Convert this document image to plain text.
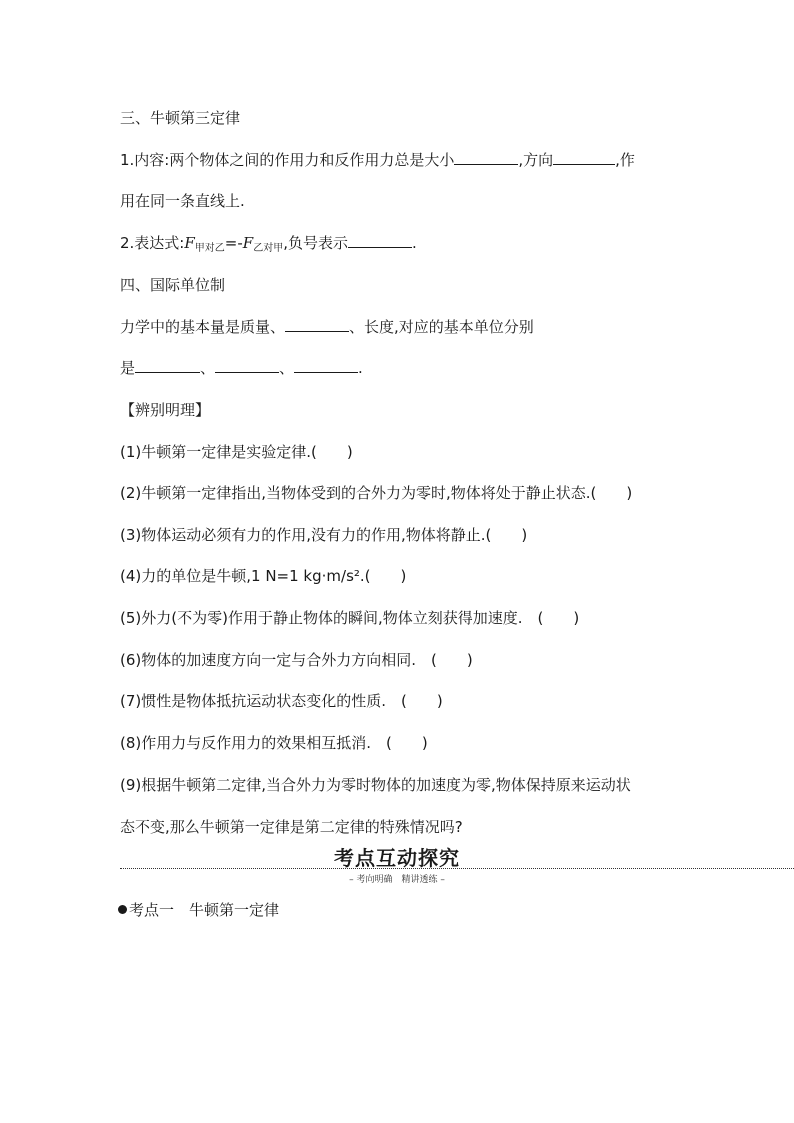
三、牛顿第三定律
1.内容:两个物体之间的作用力和反作用力总是大小	,方向	,作
用在同一条直线上.
2.表达式$:F_{甲对乙}=-F_{乙对甲}$,负号表示	.
四、国际单位制
力学中的基本量是质量、	、长度,对应的基本单位分别
是	、	、	.
【辨别明理】
(1)牛顿第一定律是实验定律.(　　)
(2)牛顿第一定律指出,当物体受到的合外力为零时,物体将处于静止状态.(　　)
(3)物体运动必须有力的作用,没有力的作用,物体将静止.(　　)
(4)力的单位是牛顿,1 N=1 kg·m/s².(　　)
(5)外力(不为零)作用于静止物体的瞬间,物体立刻获得加速度.　(　　)
(6)物体的加速度方向一定与合外力方向相同.　(　　)
(7)惯性是物体抵抗运动状态变化的性质.　(　　)
(8)作用力与反作用力的效果相互抵消.　(　　)
(9)根据牛顿第二定律,当合外力为零时物体的加速度为零,物体保持原来运动状
态不变,那么牛顿第一定律是第二定律的特殊情况吗?
考点互动探究
– 考向明确　精讲透练 –
考点一　牛顿第一定律
